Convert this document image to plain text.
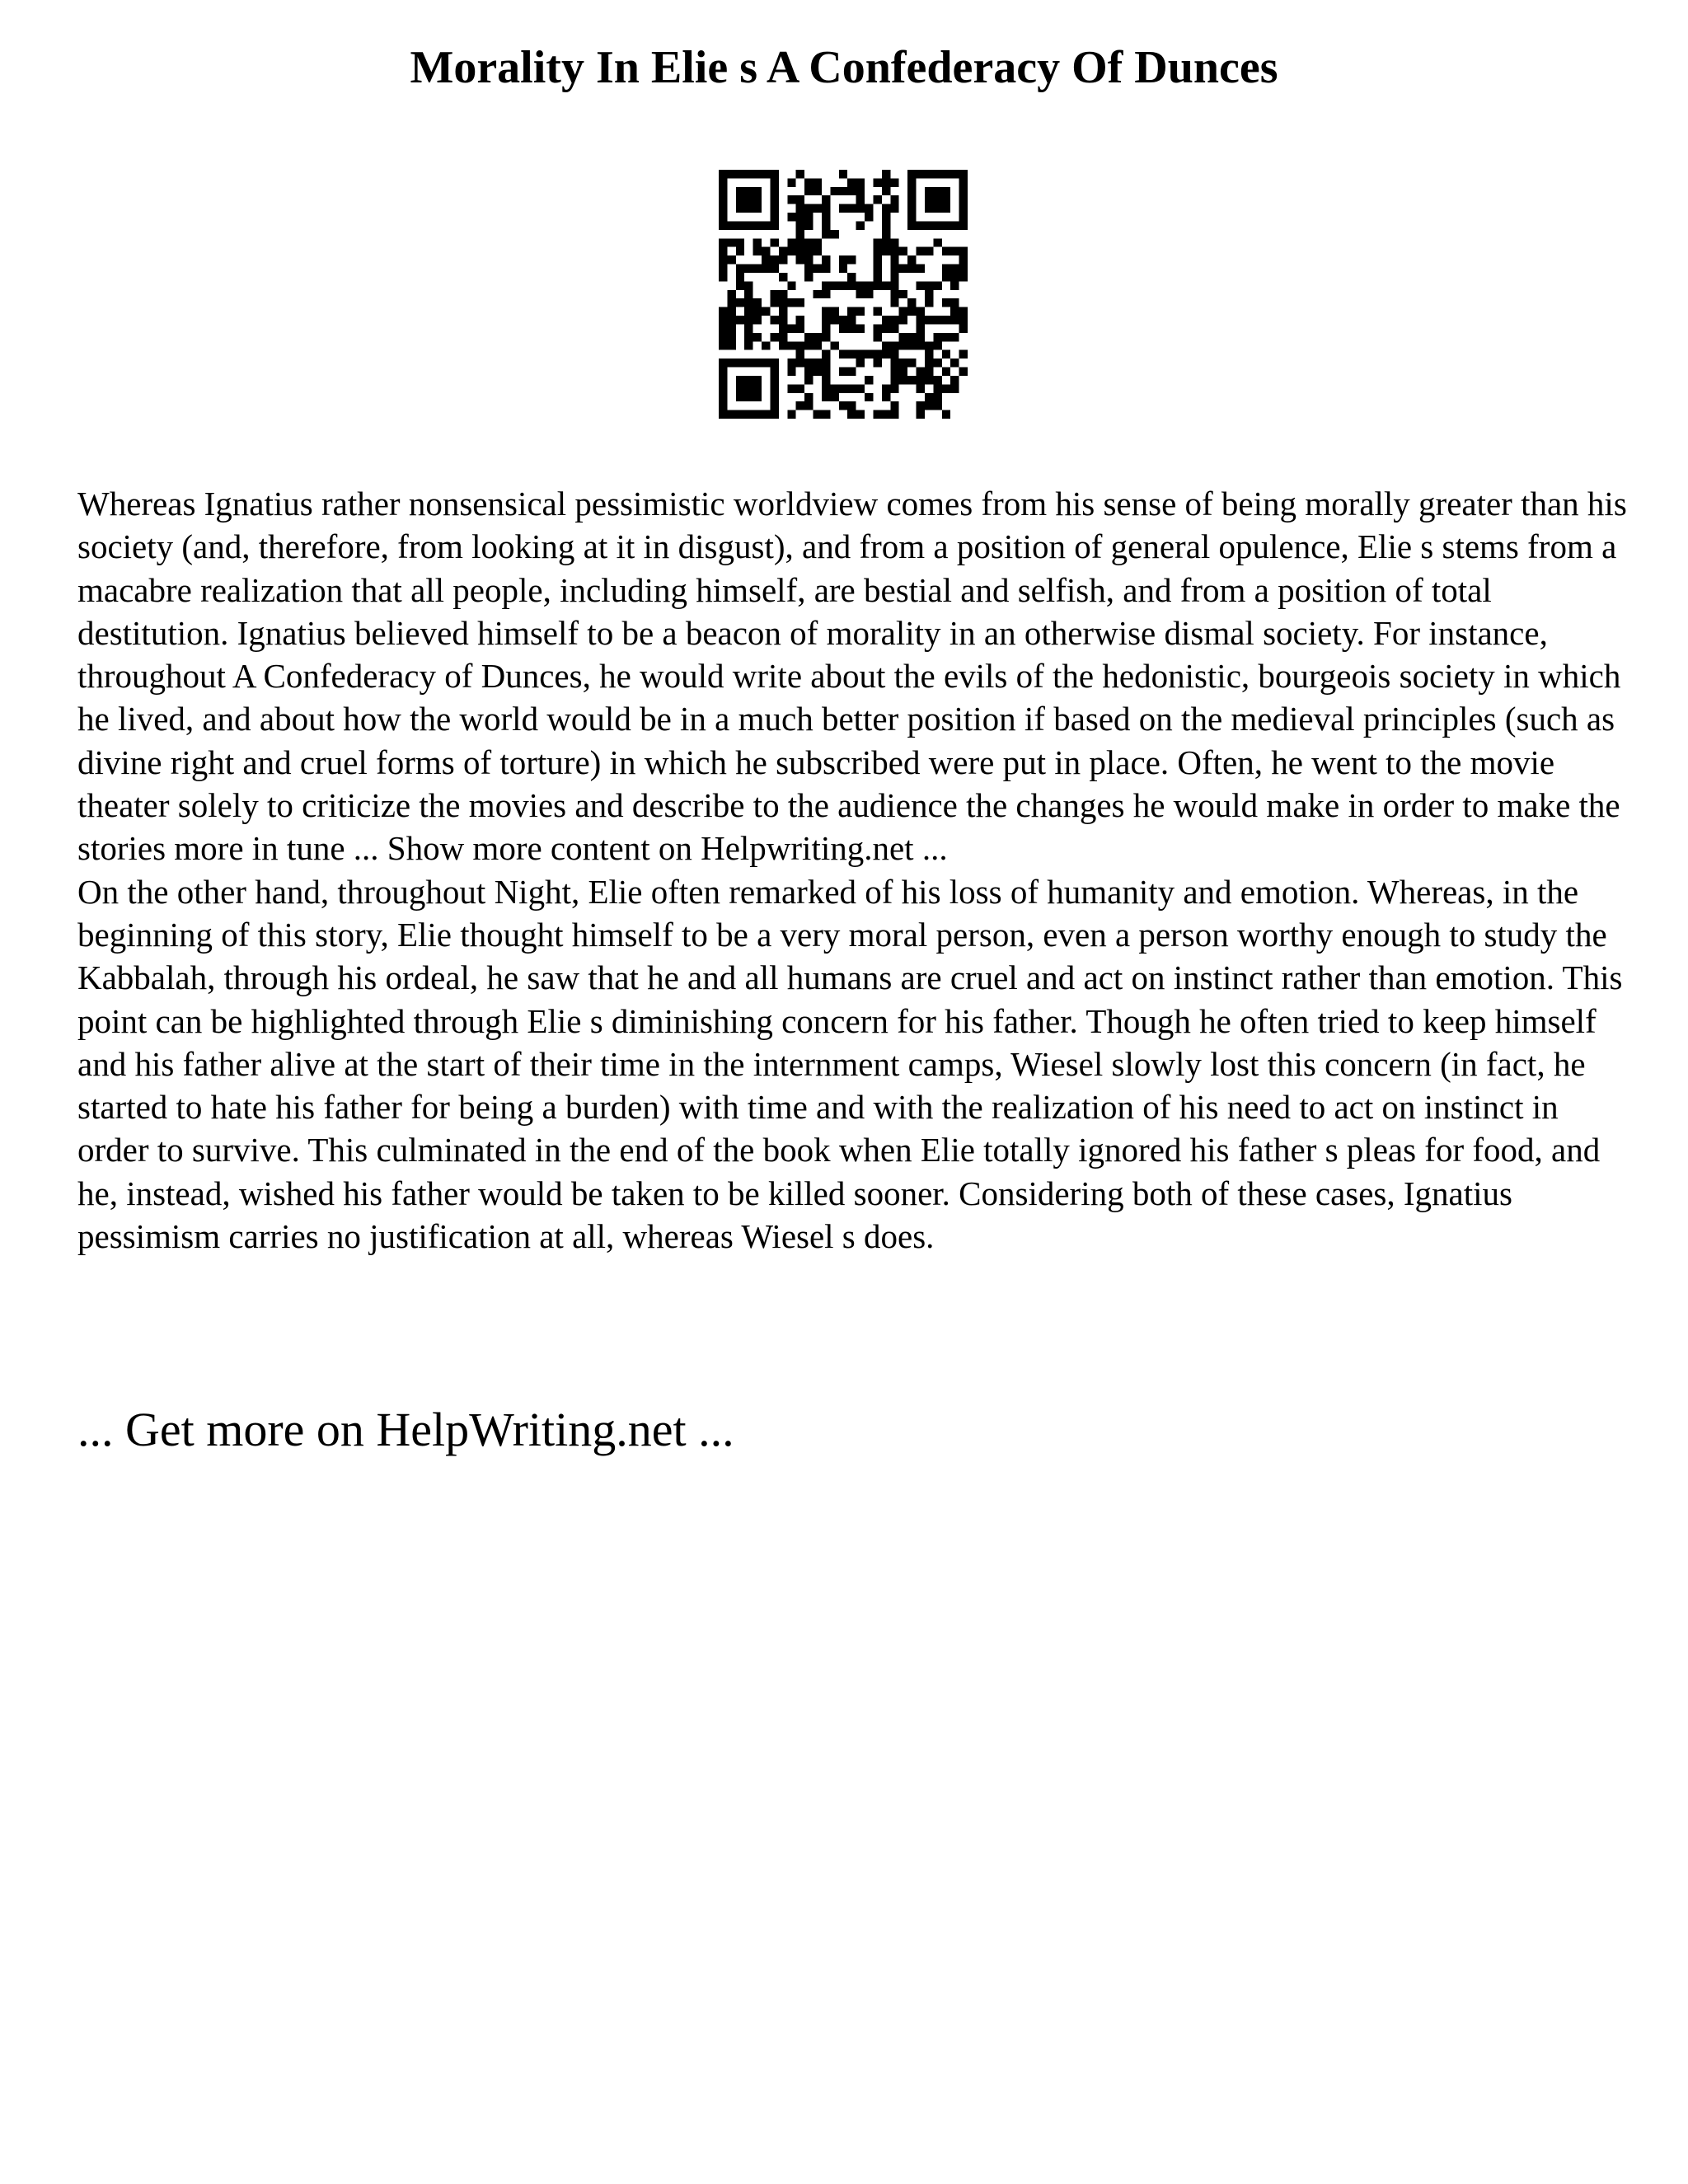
Morality In Elie s A Confederacy Of Dunces

Whereas Ignatius rather nonsensical pessimistic worldview comes from his sense of being morally greater than his society (and, therefore, from looking at it in disgust), and from a position of general opulence, Elie s stems from a macabre realization that all people, including himself, are bestial and selfish, and from a position of total destitution. Ignatius believed himself to be a beacon of morality in an otherwise dismal society. For instance, throughout A Confederacy of Dunces, he would write about the evils of the hedonistic, bourgeois society in which he lived, and about how the world would be in a much better position if based on the medieval principles (such as divine right and cruel forms of torture) in which he subscribed were put in place. Often, he went to the movie theater solely to criticize the movies and describe to the audience the changes he would make in order to make the stories more in tune ... Show more content on Helpwriting.net ...

On the other hand, throughout Night, Elie often remarked of his loss of humanity and emotion. Whereas, in the beginning of this story, Elie thought himself to be a very moral person, even a person worthy enough to study the Kabbalah, through his ordeal, he saw that he and all humans are cruel and act on instinct rather than emotion. This point can be highlighted through Elie s diminishing concern for his father. Though he often tried to keep himself and his father alive at the start of their time in the internment camps, Wiesel slowly lost this concern (in fact, he started to hate his father for being a burden) with time and with the realization of his need to act on instinct in order to survive. This culminated in the end of the book when Elie totally ignored his father s pleas for food, and he, instead, wished his father would be taken to be killed sooner. Considering both of these cases, Ignatius pessimism carries no justification at all, whereas Wiesel s does.

... Get more on HelpWriting.net ...
